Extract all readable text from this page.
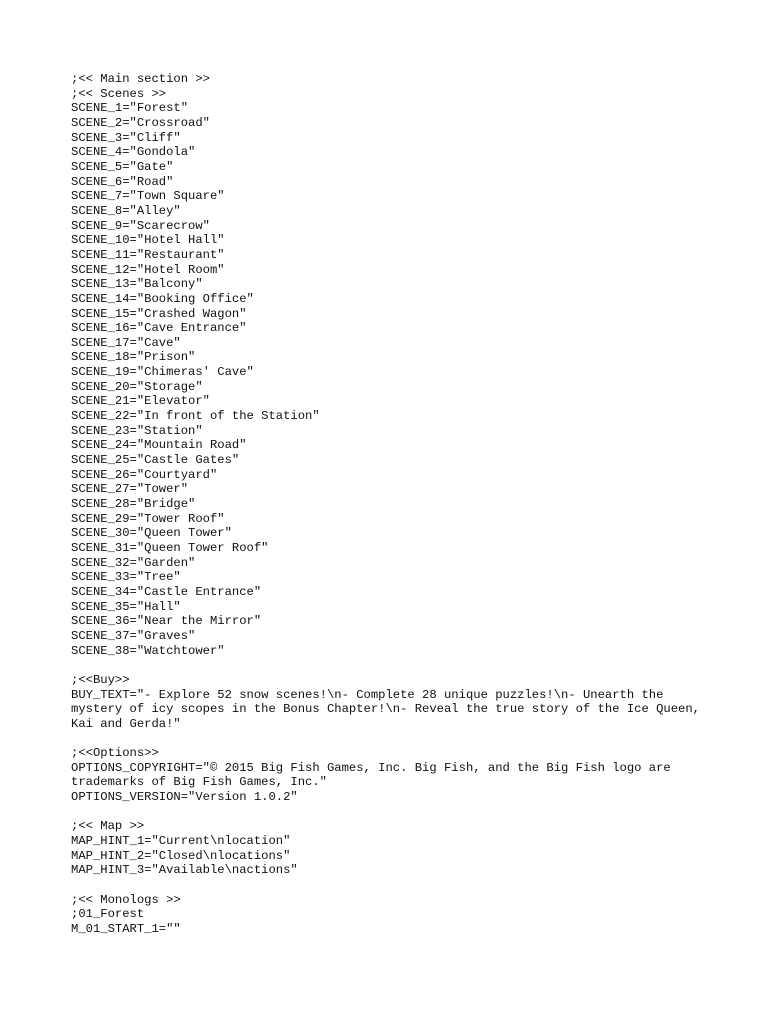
;<< Main section >>
;<< Scenes >>
SCENE_1="Forest"
SCENE_2="Crossroad"
SCENE_3="Cliff"
SCENE_4="Gondola"
SCENE_5="Gate"
SCENE_6="Road"
SCENE_7="Town Square"
SCENE_8="Alley"
SCENE_9="Scarecrow"
SCENE_10="Hotel Hall"
SCENE_11="Restaurant"
SCENE_12="Hotel Room"
SCENE_13="Balcony"
SCENE_14="Booking Office"
SCENE_15="Crashed Wagon"
SCENE_16="Cave Entrance"
SCENE_17="Cave"
SCENE_18="Prison"
SCENE_19="Chimeras' Cave"
SCENE_20="Storage"
SCENE_21="Elevator"
SCENE_22="In front of the Station"
SCENE_23="Station"
SCENE_24="Mountain Road"
SCENE_25="Castle Gates"
SCENE_26="Courtyard"
SCENE_27="Tower"
SCENE_28="Bridge"
SCENE_29="Tower Roof"
SCENE_30="Queen Tower"
SCENE_31="Queen Tower Roof"
SCENE_32="Garden"
SCENE_33="Tree"
SCENE_34="Castle Entrance"
SCENE_35="Hall"
SCENE_36="Near the Mirror"
SCENE_37="Graves"
SCENE_38="Watchtower"
;<<Buy>>
BUY_TEXT="- Explore 52 snow scenes!\n- Complete 28 unique puzzles!\n- Unearth the mystery of icy scopes in the Bonus Chapter!\n- Reveal the true story of the Ice Queen, Kai and Gerda!"
;<<Options>>
OPTIONS_COPYRIGHT="© 2015 Big Fish Games, Inc. Big Fish, and the Big Fish logo are trademarks of Big Fish Games, Inc."
OPTIONS_VERSION="Version 1.0.2"
;<< Map >>
MAP_HINT_1="Current\nlocation"
MAP_HINT_2="Closed\nlocations"
MAP_HINT_3="Available\nactions"
;<< Monologs >>
;01_Forest
M_01_START_1=""
